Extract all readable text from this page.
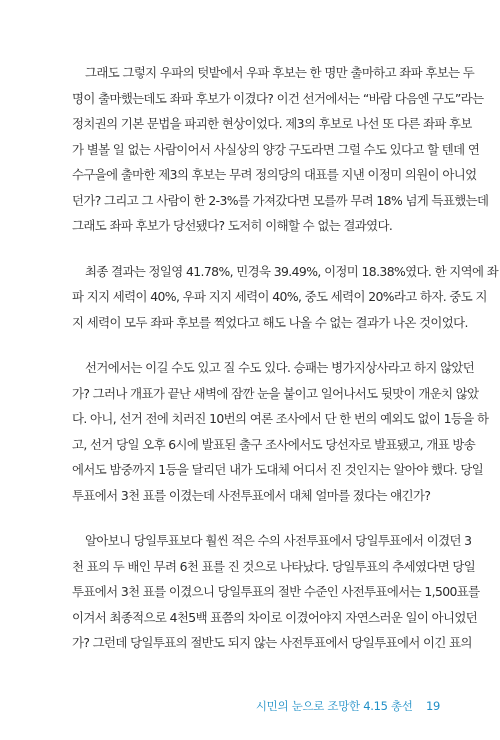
그래도 그렇지 우파의 텃밭에서 우파 후보는 한 명만 출마하고 좌파 후보는 두
명이 출마했는데도 좌파 후보가 이겼다? 이건 선거에서는 “바람 다음엔 구도”라는
정치권의 기본 문법을 파괴한 현상이었다. 제3의 후보로 나선 또 다른 좌파 후보
가 별볼 일 없는 사람이어서 사실상의 양강 구도라면 그럴 수도 있다고 할 텐데 연
수구을에 출마한 제3의 후보는 무려 정의당의 대표를 지낸 이정미 의원이 아니었
던가? 그리고 그 사람이 한 2-3%를 가져갔다면 모를까 무려 18% 넘게 득표했는데
그래도 좌파 후보가 당선됐다? 도저히 이해할 수 없는 결과였다.
최종 결과는 정일영 41.78%, 민경욱 39.49%, 이정미 18.38%였다. 한 지역에 좌
파 지지 세력이 40%, 우파 지지 세력이 40%, 중도 세력이 20%라고 하자. 중도 지
지 세력이 모두 좌파 후보를 찍었다고 해도 나올 수 없는 결과가 나온 것이었다.
선거에서는 이길 수도 있고 질 수도 있다. 승패는 병가지상사라고 하지 않았던
가? 그러나 개표가 끝난 새벽에 잠깐 눈을 붙이고 일어나서도 뒷맛이 개운치 않았
다. 아니, 선거 전에 치러진 10번의 여론 조사에서 단 한 번의 예외도 없이 1등을 하
고, 선거 당일 오후 6시에 발표된 출구 조사에서도 당선자로 발표됐고, 개표 방송
에서도 밤중까지 1등을 달리던 내가 도대체 어디서 진 것인지는 알아야 했다. 당일
투표에서 3천 표를 이겼는데 사전투표에서 대체 얼마를 졌다는 얘긴가?
알아보니 당일투표보다 훨씬 적은 수의 사전투표에서 당일투표에서 이겼던 3
천 표의 두 배인 무려 6천 표를 진 것으로 나타났다. 당일투표의 추세였다면 당일
투표에서 3천 표를 이겼으니 당일투표의 절반 수준인 사전투표에서는 1,500표를
이겨서 최종적으로 4천5백 표쯤의 차이로 이겼어야지 자연스러운 일이 아니었던
가? 그런데 당일투표의 절반도 되지 않는 사전투표에서 당일투표에서 이긴 표의
시민의 눈으로 조망한 4.15 총선 19
